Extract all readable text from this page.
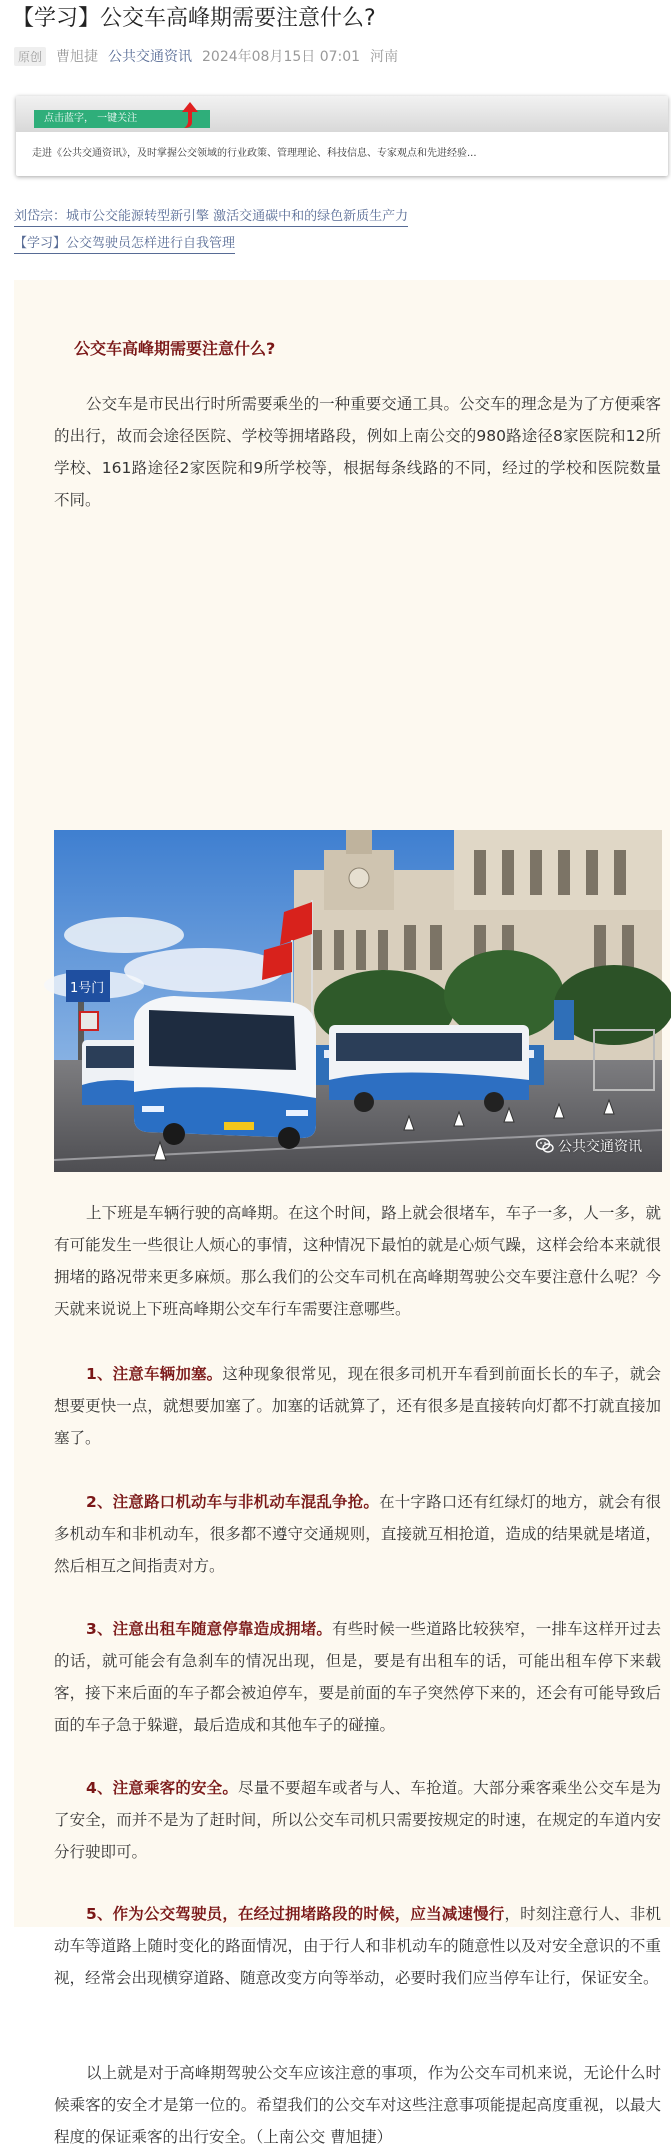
【学习】公交车高峰期需要注意什么?
原创 曹旭捷 公共交通资讯 2024年08月15日 07:01 河南
点击蓝字， 一键关注
走进《公共交通资讯》，及时掌握公交领域的行业政策、管理理论、科技信息、专家观点和先进经验...
刘岱宗：城市公交能源转型新引擎 激活交通碳中和的绿色新质生产力
【学习】公交驾驶员怎样进行自我管理
公交车高峰期需要注意什么?
公交车是市民出行时所需要乘坐的一种重要交通工具。公交车的理念是为了方便乘客的出行，故而会途径医院、学校等拥堵路段，例如上南公交的980路途径8家医院和12所学校、161路途径2家医院和9所学校等，根据每条线路的不同，经过的学校和医院数量不同。
1号门
公共交通资讯
上下班是车辆行驶的高峰期。在这个时间，路上就会很堵车，车子一多，人一多，就有可能发生一些很让人烦心的事情，这种情况下最怕的就是心烦气躁，这样会给本来就很拥堵的路况带来更多麻烦。那么我们的公交车司机在高峰期驾驶公交车要注意什么呢？今天就来说说上下班高峰期公交车行车需要注意哪些。
1、注意车辆加塞。这种现象很常见，现在很多司机开车看到前面长长的车子，就会想要更快一点，就想要加塞了。加塞的话就算了，还有很多是直接转向灯都不打就直接加塞了。
2、注意路口机动车与非机动车混乱争抢。在十字路口还有红绿灯的地方，就会有很多机动车和非机动车，很多都不遵守交通规则，直接就互相抢道，造成的结果就是堵道，然后相互之间指责对方。
3、注意出租车随意停靠造成拥堵。有些时候一些道路比较狭窄，一排车这样开过去的话，就可能会有急刹车的情况出现，但是，要是有出租车的话，可能出租车停下来载客，接下来后面的车子都会被迫停车，要是前面的车子突然停下来的，还会有可能导致后面的车子急于躲避，最后造成和其他车子的碰撞。
4、注意乘客的安全。尽量不要超车或者与人、车抢道。大部分乘客乘坐公交车是为了安全，而并不是为了赶时间，所以公交车司机只需要按规定的时速，在规定的车道内安分行驶即可。
5、作为公交驾驶员，在经过拥堵路段的时候，应当减速慢行，时刻注意行人、非机动车等道路上随时变化的路面情况，由于行人和非机动车的随意性以及对安全意识的不重视，经常会出现横穿道路、随意改变方向等举动，必要时我们应当停车让行，保证安全。
以上就是对于高峰期驾驶公交车应该注意的事项，作为公交车司机来说，无论什么时候乘客的安全才是第一位的。希望我们的公交车对这些注意事项能提起高度重视，以最大程度的保证乘客的出行安全。（上南公交 曹旭捷）
